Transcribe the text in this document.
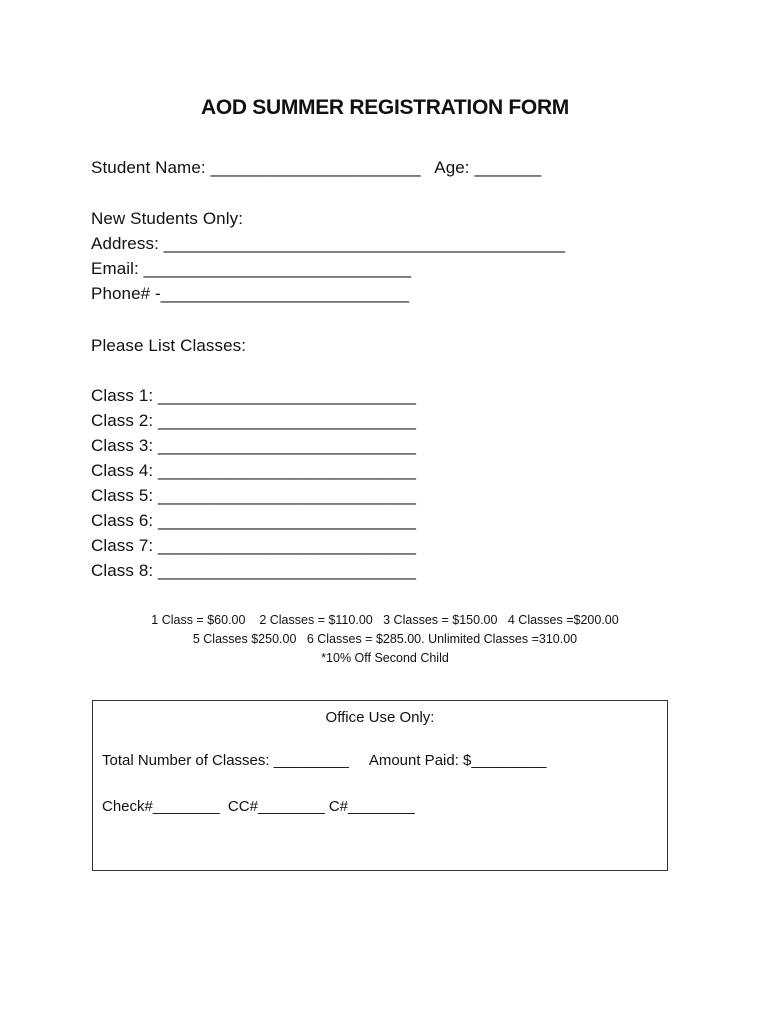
AOD SUMMER REGISTRATION FORM
Student Name: ______________________   Age: _______
New Students Only:
Address: __________________________________________
Email: ____________________________
Phone# -__________________________
Please List Classes:
Class 1: ___________________________
Class 2: ___________________________
Class 3: ___________________________
Class 4: ___________________________
Class 5: ___________________________
Class 6: ___________________________
Class 7: ___________________________
Class 8: ___________________________
1 Class = $60.00    2 Classes = $110.00   3 Classes = $150.00   4 Classes =$200.00
5 Classes $250.00   6 Classes = $285.00. Unlimited Classes =310.00
*10% Off Second Child
Office Use Only:
Total Number of Classes: _________     Amount Paid: $_________
Check#________  CC#________ C#________
